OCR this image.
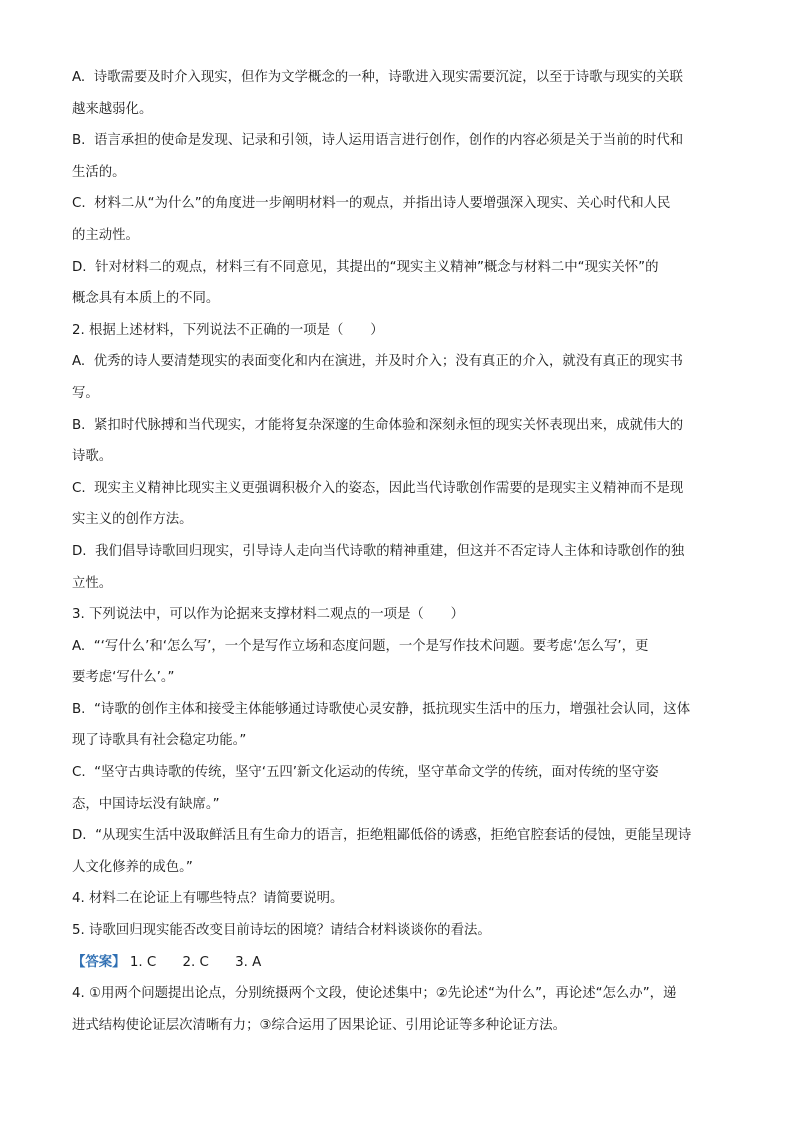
A. 诗歌需要及时介入现实，但作为文学概念的一种，诗歌进入现实需要沉淀，以至于诗歌与现实的关联
越来越弱化。
B. 语言承担的使命是发现、记录和引领，诗人运用语言进行创作，创作的内容必须是关于当前的时代和
生活的。
C. 材料二从“为什么”的角度进一步阐明材料一的观点，并指出诗人要增强深入现实、关心时代和人民
的主动性。
D. 针对材料二的观点，材料三有不同意见，其提出的“现实主义精神”概念与材料二中“现实关怀”的
概念具有本质上的不同。
2. 根据上述材料，下列说法不正确的一项是（　　）
A. 优秀的诗人要清楚现实的表面变化和内在演进，并及时介入；没有真正的介入，就没有真正的现实书
写。
B. 紧扣时代脉搏和当代现实，才能将复杂深邃的生命体验和深刻永恒的现实关怀表现出来，成就伟大的
诗歌。
C. 现实主义精神比现实主义更强调积极介入的姿态，因此当代诗歌创作需要的是现实主义精神而不是现
实主义的创作方法。
D. 我们倡导诗歌回归现实，引导诗人走向当代诗歌的精神重建，但这并不否定诗人主体和诗歌创作的独
立性。
3. 下列说法中，可以作为论据来支撑材料二观点的一项是（　　）
A. “‘写什么’和‘怎么写’，一个是写作立场和态度问题，一个是写作技术问题。要考虑‘怎么写’，更
要考虑‘写什么’。”
B. “诗歌的创作主体和接受主体能够通过诗歌使心灵安静，抵抗现实生活中的压力，增强社会认同，这体
现了诗歌具有社会稳定功能。”
C. “坚守古典诗歌的传统，坚守‘五四’新文化运动的传统，坚守革命文学的传统，面对传统的坚守姿
态，中国诗坛没有缺席。”
D. “从现实生活中汲取鲜活且有生命力的语言，拒绝粗鄙低俗的诱惑，拒绝官腔套话的侵蚀，更能呈现诗
人文化修养的成色。”
4. 材料二在论证上有哪些特点？请简要说明。
5. 诗歌回归现实能否改变目前诗坛的困境？请结合材料谈谈你的看法。
【答案】 1. C 2. C 3. A
4. ①用两个问题提出论点，分别统摄两个文段，使论述集中；②先论述“为什么”，再论述“怎么办”，递
进式结构使论证层次清晰有力；③综合运用了因果论证、引用论证等多种论证方法。
